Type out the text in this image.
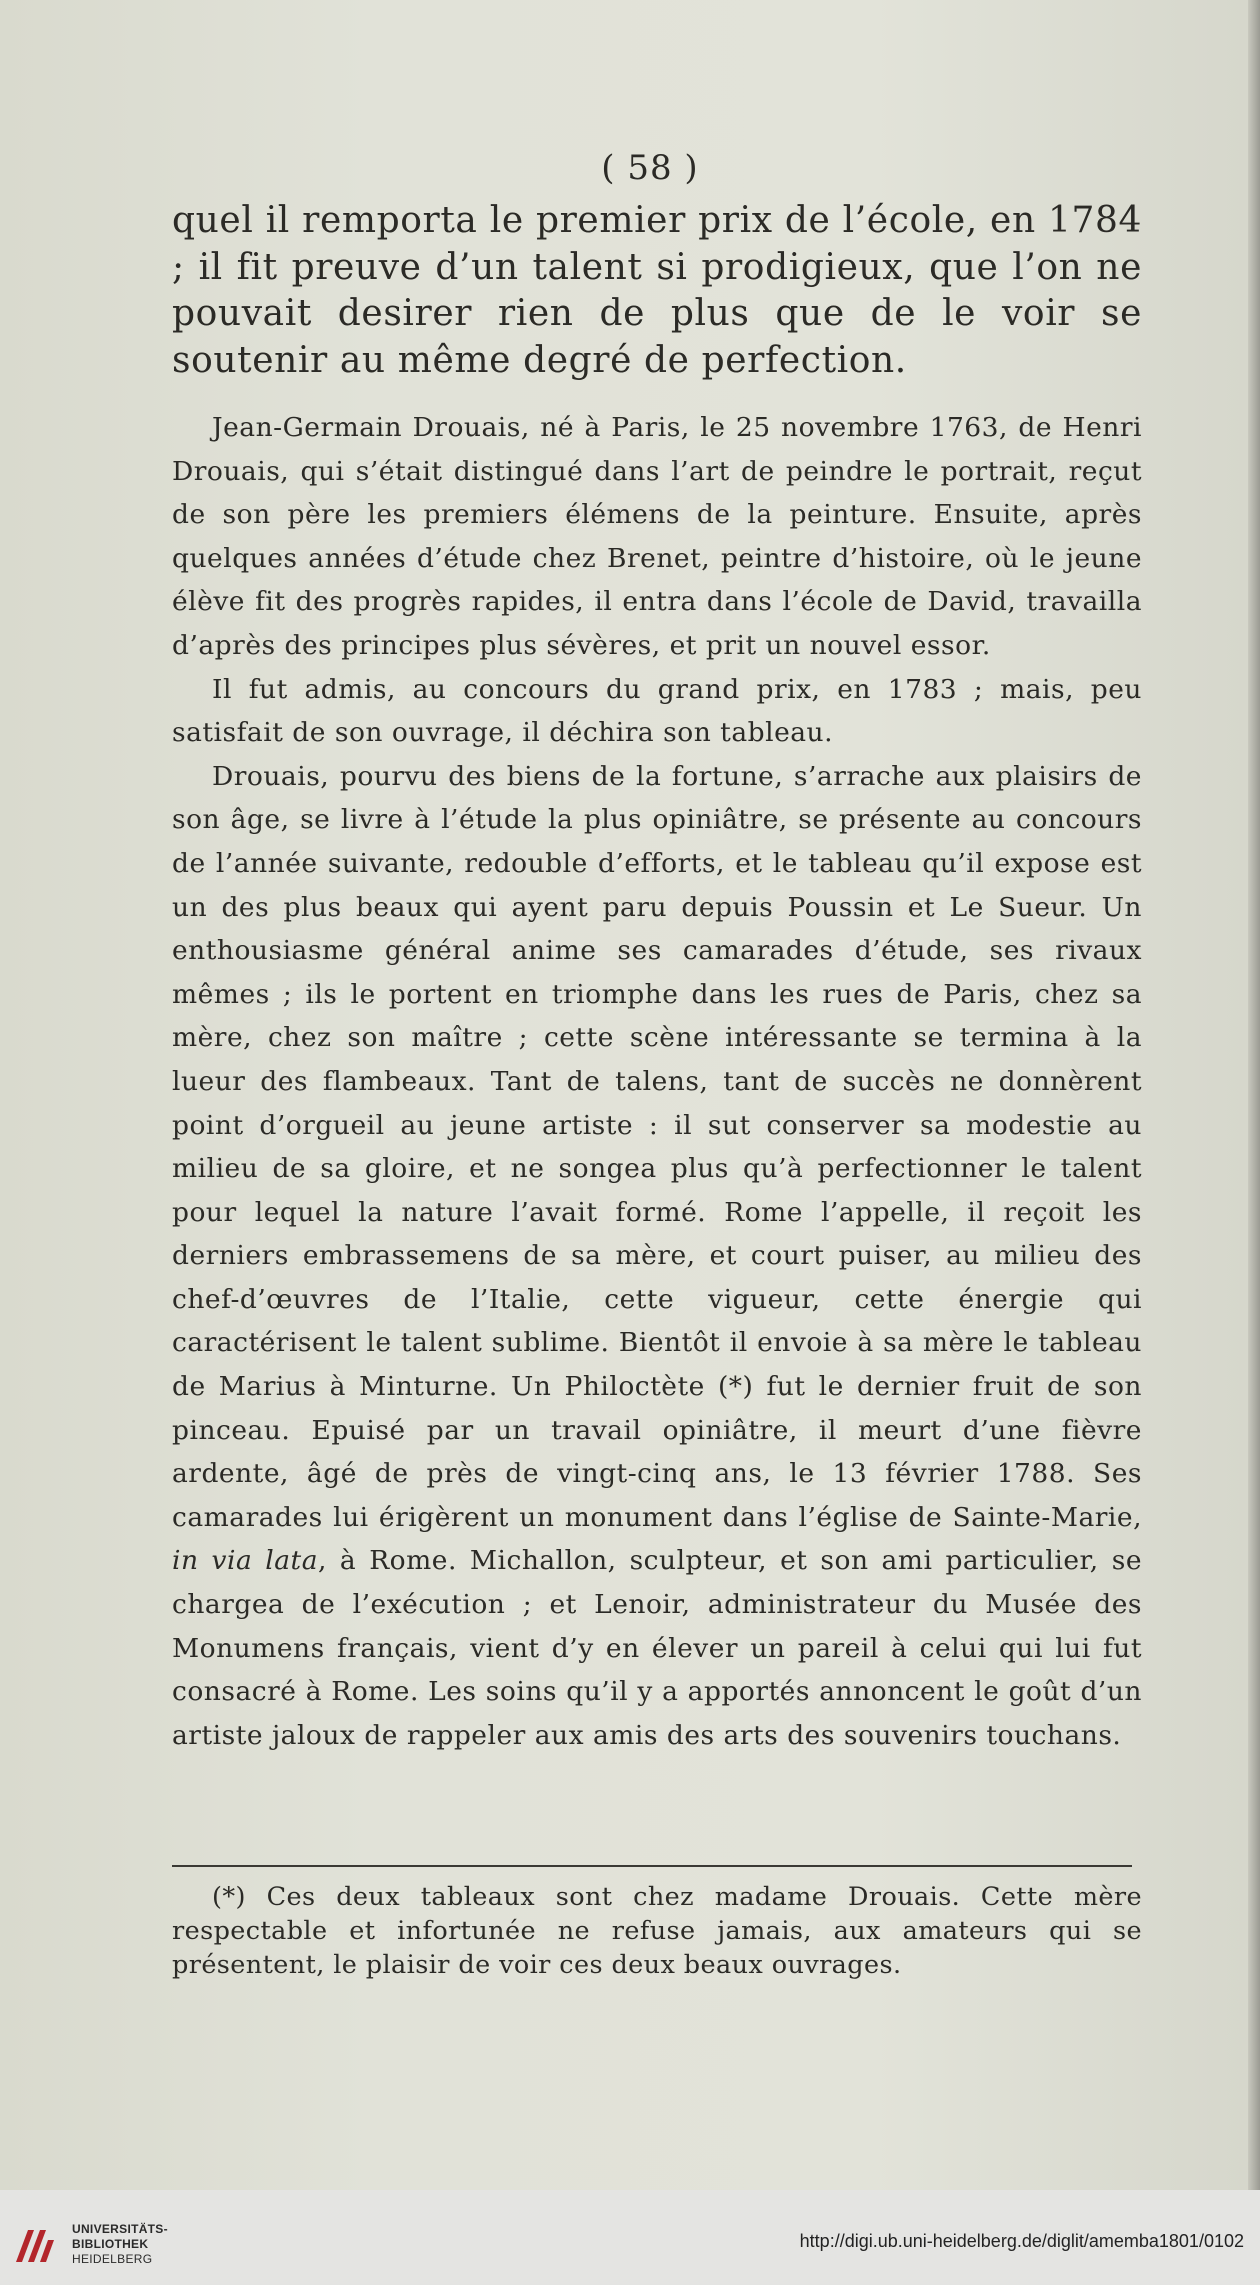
( 58 )

quel il remporta le premier prix de l’école, en 1784 ; il fit preuve d’un talent si prodigieux, que l’on ne pouvait desirer rien de plus que de le voir se soutenir au même degré de perfection.

Jean-Germain Drouais, né à Paris, le 25 novembre 1763, de Henri Drouais, qui s’était distingué dans l’art de peindre le portrait, reçut de son père les premiers élémens de la peinture. Ensuite, après quelques années d’étude chez Brenet, peintre d’histoire, où le jeune élève fit des progrès rapides, il entra dans l’école de David, travailla d’après des principes plus sévères, et prit un nouvel essor.

Il fut admis, au concours du grand prix, en 1783 ; mais, peu satisfait de son ouvrage, il déchira son tableau.

Drouais, pourvu des biens de la fortune, s’arrache aux plaisirs de son âge, se livre à l’étude la plus opiniâtre, se présente au concours de l’année suivante, redouble d’efforts, et le tableau qu’il expose est un des plus beaux qui ayent paru depuis Poussin et Le Sueur. Un enthousiasme général anime ses camarades d’étude, ses rivaux mêmes ; ils le portent en triomphe dans les rues de Paris, chez sa mère, chez son maître ; cette scène intéressante se termina à la lueur des flambeaux. Tant de talens, tant de succès ne donnèrent point d’orgueil au jeune artiste : il sut conserver sa modestie au milieu de sa gloire, et ne songea plus qu’à perfectionner le talent pour lequel la nature l’avait formé. Rome l’appelle, il reçoit les derniers embrassemens de sa mère, et court puiser, au milieu des chef-d’œuvres de l’Italie, cette vigueur, cette énergie qui caractérisent le talent sublime. Bientôt il envoie à sa mère le tableau de Marius à Minturne. Un Philoctète (*) fut le dernier fruit de son pinceau. Epuisé par un travail opiniâtre, il meurt d’une fièvre ardente, âgé de près de vingt-cinq ans, le 13 février 1788. Ses camarades lui érigèrent un monument dans l’église de Sainte-Marie, in via lata, à Rome. Michallon, sculpteur, et son ami particulier, se chargea de l’exécution ; et Lenoir, administrateur du Musée des Monumens français, vient d’y en élever un pareil à celui qui lui fut consacré à Rome. Les soins qu’il y a apportés annoncent le goût d’un artiste jaloux de rappeler aux amis des arts des souvenirs touchans.

(*) Ces deux tableaux sont chez madame Drouais. Cette mère respectable et infortunée ne refuse jamais, aux amateurs qui se présentent, le plaisir de voir ces deux beaux ouvrages.

UNIVERSITÄTS-
BIBLIOTHEK
HEIDELBERG
http://digi.ub.uni-heidelberg.de/diglit/amemba1801/0102
